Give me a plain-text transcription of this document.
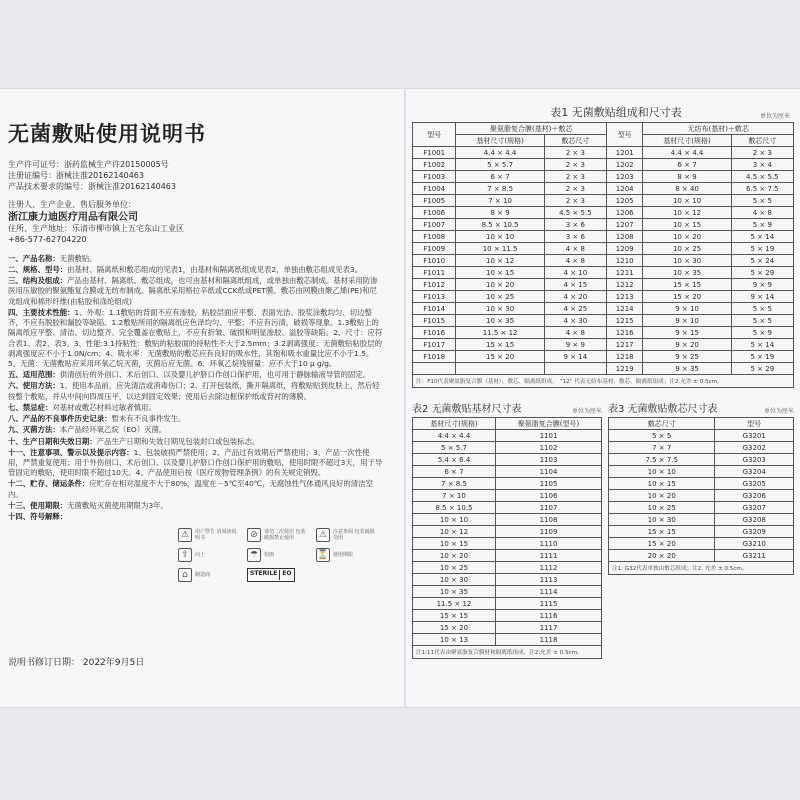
无菌敷贴使用说明书
生产许可证号：浙药监械生产许20150005号
注册证编号：浙械注准20162140463
产品技术要求的编号：浙械注准20162140463
注册人、生产企业、售后服务单位：
浙江康力迪医疗用品有限公司
住所、生产地址：乐清市柳市镇上五宅东山工业区
+86-577-62704220
一、产品名称：无菌敷贴。
二、规格、型号：由基材、隔离纸和敷芯组成的见表1，由基材和隔离纸组成见表2，单独由敷芯组成见表3。
三、结构及组成：产品由基材、隔离纸、敷芯组成，也可由基材和隔离纸组成，或单独由敷芯制成。基材采用防渗医用压敏胶的聚氨酯复合膜或无纺布制成。隔离纸采用格拉辛纸或CCK纸或PET膜。敷芯由网膜由聚乙烯(PE)和尼龙组成和棉形纤维(由粘胶和涤纶组成)
四、主要技术性能：1、外观：1.1敷贴的背面不应有渗胶，粘胶层面应平整、表面光洁、胶浆涂敷均匀、切边整齐，不应有脱胶和漏胶等缺陷。1.2敷贴所用的隔离纸应色泽均匀、平整；不应有污渍、破损等现象。1.3敷贴上的隔离纸应平整、清洁、切边整齐、完全覆盖在敷贴上，不应有折皱、破损和明显渗胶、溢胶等缺陷。2、尺寸：应符合表1、表2、表3。3、性能:3.1持粘性：敷贴的粘胶面的持粘性不大于2.5mm；3.2剥离强度：无菌敷贴粘胶层的剥离强度应不小于1.0N/cm；4、吸水率：无菌敷贴的敷芯应有良好的吸水性，其饱和吸水重量比应不小于1.5。5、无菌：无菌敷贴应采用环氧乙烷灭菌，灭菌后应无菌。6、环氧乙烷残留量：应不大于10 μ g/g。
五、适用范围：供清创后的外创口、术后创口、以及婴儿护脐口作创口保护用，也可用于静脉输液导管的固定。
六、使用方法：1、使用本品前，应先清洁或消毒伤口；2、打开包装纸，撕开隔离纸，将敷贴贴到皮肤上，然后轻按整个敷贴，并从中间向四周压平，以达到固定效果；使用后去除边框保护纸或背衬的薄膜。
七、禁忌症：对基材或敷芯材料过敏者慎用。
八、产品的不良事件历史记录：暂未有不良事件发生。
九、灭菌方法：本产品经环氧乙烷（EO）灭菌。
十、生产日期和失效日期：产品生产日期和失效日期见包装封口或包装标志。
十一、注意事项、警示以及提示内容：1、包装破损严禁使用；2、产品过有效期后严禁使用；3、产品一次性使用，严禁重复使用；用于外伤创口、术后创口、以及婴儿护脐口作创口保护用的敷贴，使用时限不超过3天，用于导管固定的敷贴，使用时限不超过10天。4、产品使用后按《医疗废物管理条例》的有关规定销毁。
十二、贮存、储运条件：应贮存在相对湿度不大于80%，温度在－5℃至40℃，无腐蚀性气体通风良好的清洁室内。
十三、使用期限：无菌敷贴灭菌使用期限为3年。
十四、符号解释：
⚠	用户警告 请阅读说明书	⊘	请勿二次使用 包装破损禁止使用	⚠	注意参阅 包装破损勿用
⇧	向上	☂	怕雨	⏳ 使用期限
⌂	制造商	STERILE EO
说明书修订日期： 2022年9月5日
表1 无菌敷贴组成和尺寸表	单位为厘米
型号	聚氨脂复合膜(基材)＋敷芯		型号	无纺布(基材)＋敷芯	
	基材尺寸(规格)	敷芯尺寸		基材尺寸(规格)	敷芯尺寸
F1001	4.4 × 4.4	2 × 3	1201	4.4 × 4.4	2 × 3
F1002	5 × 5.7	2 × 3	1202	6 × 7	3 × 4
F1003	6 × 7	2 × 3	1203	8 × 9	4.5 × 5.5
F1004	7 × 8.5	2 × 3	1204	8 × 40	6.5 × 7.5
F1005	7 × 10	2 × 3	1205	10 × 10	5 × 5
F1006	8 × 9	4.5 × 5.5	1206	10 × 12	4 × 8
F1007	8.5 × 10.5	3 × 6	1207	10 × 15	5 × 9
F1008	10 × 10	3 × 6	1208	10 × 20	5 × 14
F1009	10 × 11.5	4 × 8	1209	10 × 25	5 × 19
F1010	10 × 12	4 × 8	1210	10 × 30	5 × 24
F1011	10 × 15	4 × 10	1211	10 × 35	5 × 29
F1012	10 × 20	4 × 15	1212	15 × 15	9 × 9
F1013	10 × 25	4 × 20	1213	15 × 20	9 × 14
F1014	10 × 30	4 × 25	1214	9 × 10	5 × 5
F1015	10 × 35	4 × 30	1215	9 × 10	5 × 5
F1016	11.5 × 12	4 × 8	1216	9 × 15	5 × 9
F1017	15 × 15	9 × 9	1217	9 × 20	5 × 14
F1018	15 × 20	9 × 14	1218	9 × 25	5 × 19
			1219	9 × 35	5 × 29
注：F10代表聚氨脂复合膜（基材）、敷芯、隔离纸组成， “12” 代表无纺布基材、敷芯、隔离纸组成；注2.允差 ± 0.5cm。
表2 无菌敷贴基材尺寸表	单位为厘米
基材尺寸(规格)	聚氨脂复合膜(型号)
4.4 × 4.4	1101
5 × 5.7	1102
5.4 × 6.4	1103
6 × 7	1104
7 × 8.5	1105
7 × 10	1106
8.5 × 10.5	1107
10 × 10	1108
10 × 12	1109
10 × 15	1110
10 × 20	1111
10 × 25	1112
10 × 30	1113
10 × 35	1114
11.5 × 12	1115
15 × 15	1116
15 × 20	1117
10 × 13	1118
注1:11代表由聚氨脂复合膜材和隔离纸组成，注2.允差 ± 0.5cm。
表3 无菌敷贴敷芯尺寸表	单位为厘米
敷芯尺寸	型号
5 × 5	G3201
7 × 7	G3202
7.5 × 7.5	G3203
10 × 10	G3204
10 × 15	G3205
10 × 20	G3206
10 × 25	G3207
10 × 30	G3208
15 × 15	G3209
15 × 20	G3210
20 × 20	G3211
注1: G32代表单独由敷芯组成；注2. 允差 ± 0.5cm。
